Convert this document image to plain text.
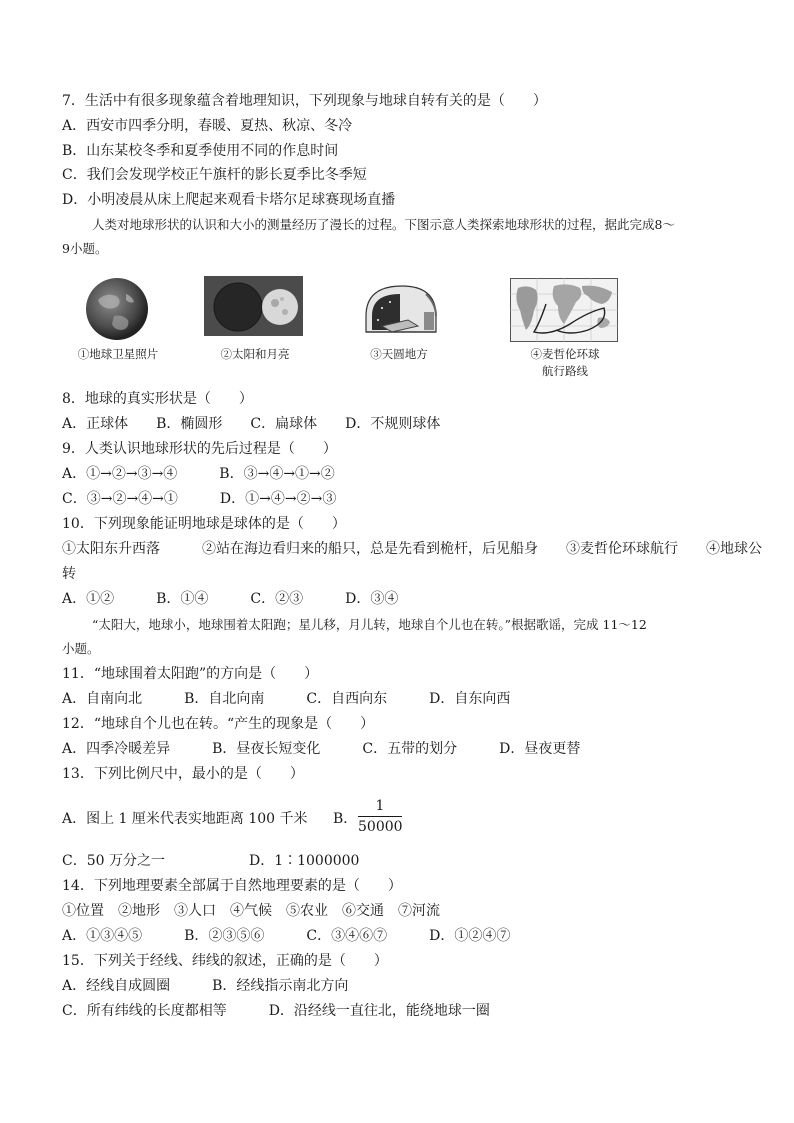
7．生活中有很多现象蕴含着地理知识，下列现象与地球自转有关的是（　　）
A．西安市四季分明，春暖、夏热、秋凉、冬冷
B．山东某校冬季和夏季使用不同的作息时间
C．我们会发现学校正午旗杆的影长夏季比冬季短
D．小明凌晨从床上爬起来观看卡塔尔足球赛现场直播
人类对地球形状的认识和大小的测量经历了漫长的过程。下图示意人类探索地球形状的过程，据此完成8～
9小题。
①地球卫星照片	②太阳和月亮	③天圆地方	④麦哲伦环球
航行路线
8．地球的真实形状是（　　）
A．正球体　　B．椭圆形　　C．扁球体　　D．不规则球体
9．人类认识地球形状的先后过程是（　　）
A．①→②→③→④　　　B．③→④→①→②
C．③→②→④→①　　　D．①→④→②→③
10．下列现象能证明地球是球体的是（　　）
①太阳东升西落　　　②站在海边看归来的船只，总是先看到桅杆，后见船身　　③麦哲伦环球航行　　④地球公
转
A．①②　　　B．①④　　　C．②③　　　D．③④
“太阳大，地球小，地球围着太阳跑；星儿移，月儿转，地球自个儿也在转。”根据歌谣，完成 11～12
小题。
11．“地球围着太阳跑”的方向是（　　）
A．自南向北　　　B．自北向南　　　C．自西向东　　　D．自东向西
12．“地球自个儿也在转。“产生的现象是（　　）
A．四季冷暖差异　　　B．昼夜长短变化　　　C．五带的划分　　　D．昼夜更替
13．下列比例尺中，最小的是（　　）
A．图上 1 厘米代表实地距离 100 千米 B．
1
50000
C．50 万分之一　　　　　　D．1∶1000000
14．下列地理要素全部属于自然地理要素的是（　　）
①位置　②地形　③人口　④气候　⑤农业　⑥交通　⑦河流
A．①③④⑤　　　B．②③⑤⑥　　　C．③④⑥⑦　　　D．①②④⑦
15．下列关于经线、纬线的叙述，正确的是（　　）
A．经线自成圆圈　　　B．经线指示南北方向
C．所有纬线的长度都相等　　　D．沿经线一直往北，能绕地球一圈
